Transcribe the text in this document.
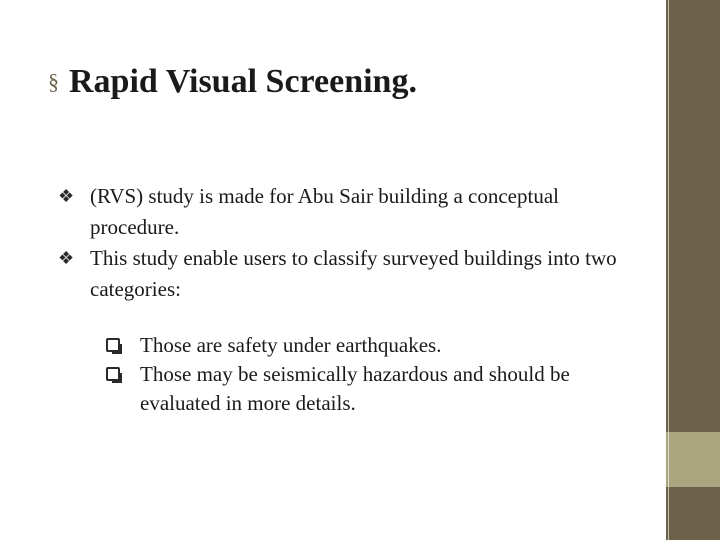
§ Rapid Visual Screening.
❖ (RVS) study is made for Abu Sair building a conceptual procedure.
❖ This study enable users to classify surveyed buildings into two categories:
Those are safety under earthquakes.
Those may be seismically hazardous and should be evaluated in more details.
